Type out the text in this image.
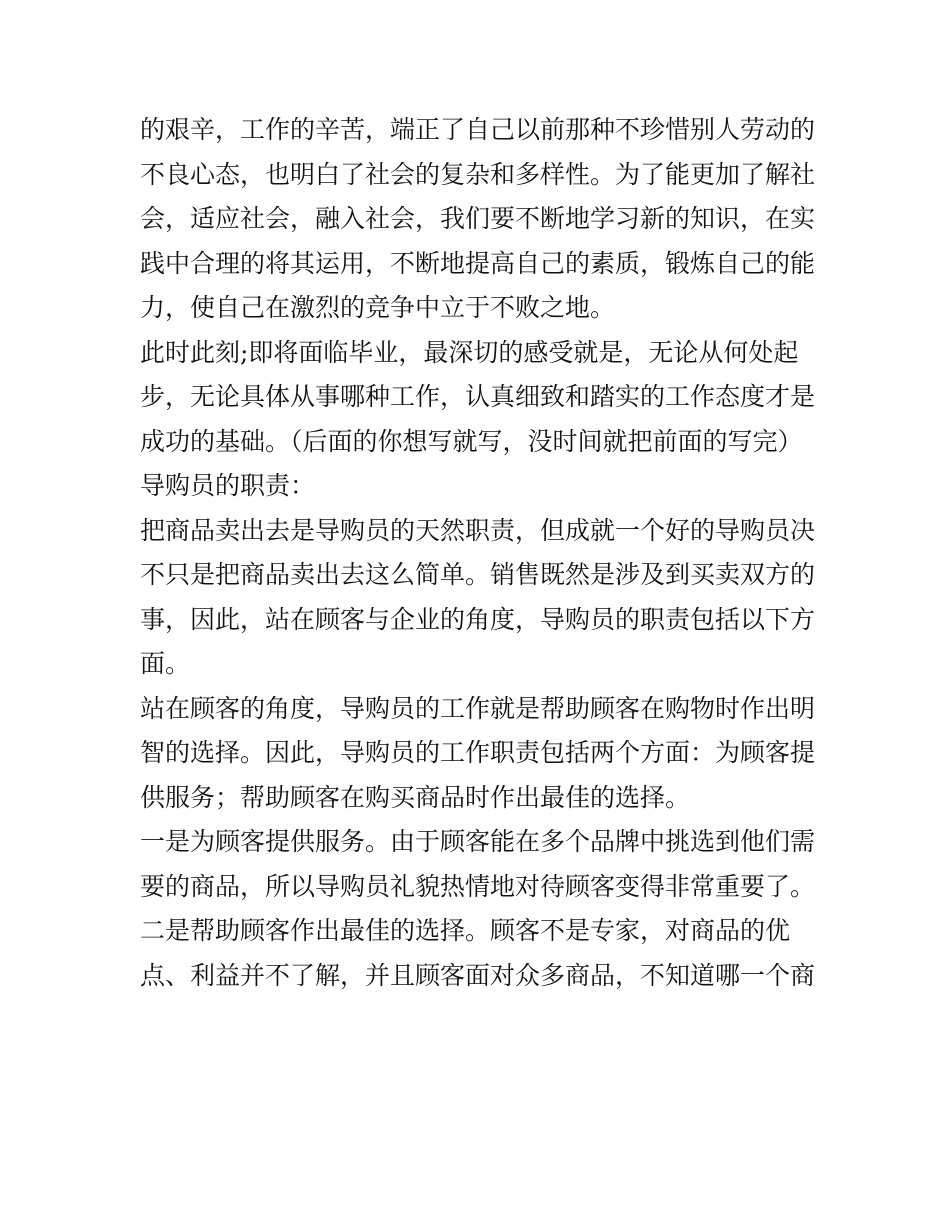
的艰辛，工作的辛苦，端正了自己以前那种不珍惜别人劳动的

不良心态，也明白了社会的复杂和多样性。为了能更加了解社

会，适应社会，融入社会，我们要不断地学习新的知识，在实

践中合理的将其运用，不断地提高自己的素质，锻炼自己的能

力，使自己在激烈的竞争中立于不败之地。

此时此刻;即将面临毕业，最深切的感受就是，无论从何处起

步，无论具体从事哪种工作，认真细致和踏实的工作态度才是

成功的基础。（后面的你想写就写，没时间就把前面的写完）

导购员的职责：

把商品卖出去是导购员的天然职责，但成就一个好的导购员决

不只是把商品卖出去这么简单。销售既然是涉及到买卖双方的

事，因此，站在顾客与企业的角度，导购员的职责包括以下方

面。

站在顾客的角度，导购员的工作就是帮助顾客在购物时作出明

智的选择。因此，导购员的工作职责包括两个方面：为顾客提

供服务；帮助顾客在购买商品时作出最佳的选择。

一是为顾客提供服务。由于顾客能在多个品牌中挑选到他们需

要的商品，所以导购员礼貌热情地对待顾客变得非常重要了。

二是帮助顾客作出最佳的选择。顾客不是专家，对商品的优

点、利益并不了解，并且顾客面对众多商品，不知道哪一个商
